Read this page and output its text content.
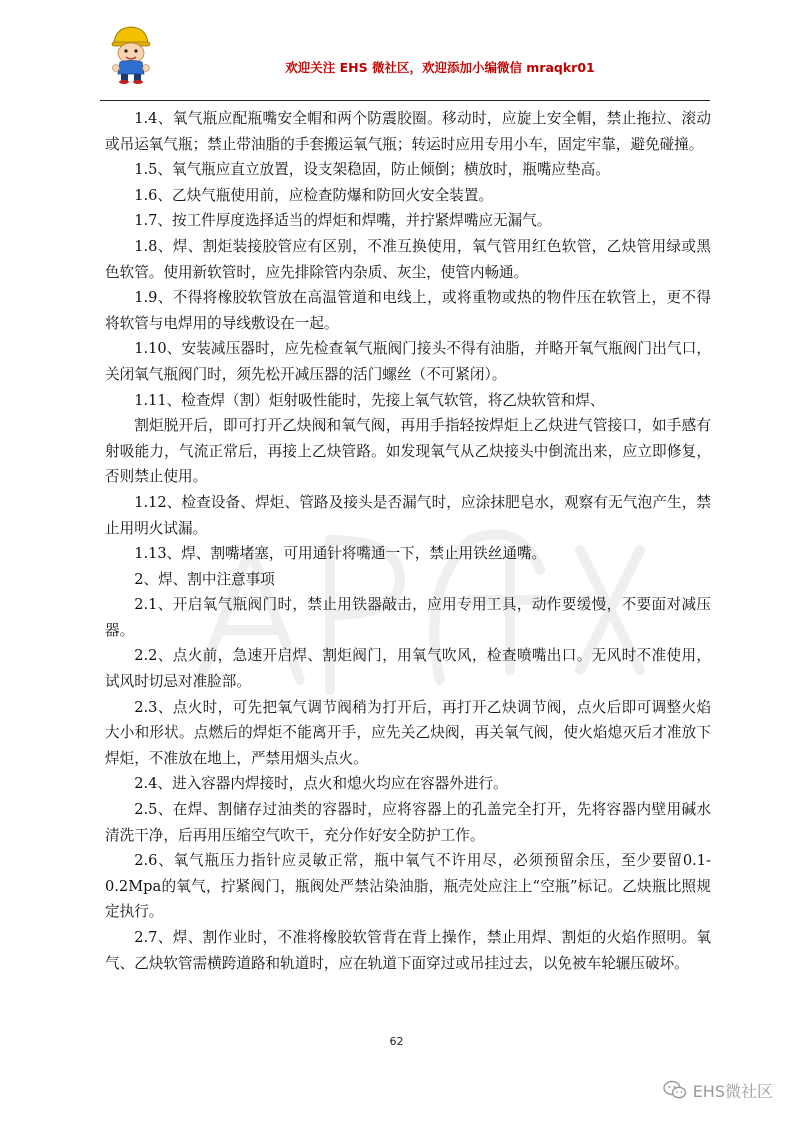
欢迎关注 EHS 微社区，欢迎添加小编微信 mraqkr01

1.4、氧气瓶应配瓶嘴安全帽和两个防震胶圈。移动时，应旋上安全帽，禁止拖拉、滚动或吊运氧气瓶；禁止带油脂的手套搬运氧气瓶；转运时应用专用小车，固定牢靠，避免碰撞。

1.5、氧气瓶应直立放置，设支架稳固，防止倾倒；横放时，瓶嘴应垫高。

1.6、乙炔气瓶使用前，应检查防爆和防回火安全装置。

1.7、按工件厚度选择适当的焊炬和焊嘴，并拧紧焊嘴应无漏气。

1.8、焊、割炬装接胶管应有区别，不准互换使用，氧气管用红色软管，乙炔管用绿或黑色软管。使用新软管时，应先排除管内杂质、灰尘，使管内畅通。

1.9、不得将橡胶软管放在高温管道和电线上，或将重物或热的物件压在软管上，更不得将软管与电焊用的导线敷设在一起。

1.10、安装减压器时，应先检查氧气瓶阀门接头不得有油脂，并略开氧气瓶阀门出气口，关闭氧气瓶阀门时，须先松开减压器的活门螺丝（不可紧闭）。

1.11、检查焊（割）炬射吸性能时，先接上氧气软管，将乙炔软管和焊、

割炬脱开后，即可打开乙炔阀和氧气阀，再用手指轻按焊炬上乙炔进气管接口，如手感有射吸能力，气流正常后，再接上乙炔管路。如发现氧气从乙炔接头中倒流出来，应立即修复，否则禁止使用。

1.12、检查设备、焊炬、管路及接头是否漏气时，应涂抹肥皂水，观察有无气泡产生，禁止用明火试漏。

1.13、焊、割嘴堵塞，可用通针将嘴通一下，禁止用铁丝通嘴。

2、焊、割中注意事项

2.1、开启氧气瓶阀门时，禁止用铁器敲击，应用专用工具，动作要缓慢，不要面对减压器。

2.2、点火前，急速开启焊、割炬阀门，用氧气吹风，检查喷嘴出口。无风时不准使用，试风时切忌对准脸部。

2.3、点火时，可先把氧气调节阀稍为打开后，再打开乙炔调节阀，点火后即可调整火焰大小和形状。点燃后的焊炬不能离开手，应先关乙炔阀，再关氧气阀，使火焰熄灭后才准放下焊炬，不准放在地上，严禁用烟头点火。

2.4、进入容器内焊接时，点火和熄火均应在容器外进行。

2.5、在焊、割储存过油类的容器时，应将容器上的孔盖完全打开，先将容器内壁用碱水清洗干净，后再用压缩空气吹干，充分作好安全防护工作。

2.6、氧气瓶压力指针应灵敏正常，瓶中氧气不许用尽，必须预留余压，至少要留0.1-0.2Mpa的氧气，拧紧阀门，瓶阀处严禁沾染油脂，瓶壳处应注上“空瓶”标记。乙炔瓶比照规定执行。

2.7、焊、割作业时，不准将橡胶软管背在背上操作，禁止用焊、割炬的火焰作照明。氧气、乙炔软管需横跨道路和轨道时，应在轨道下面穿过或吊挂过去，以免被车轮辗压破坏。

62
EHS微社区
